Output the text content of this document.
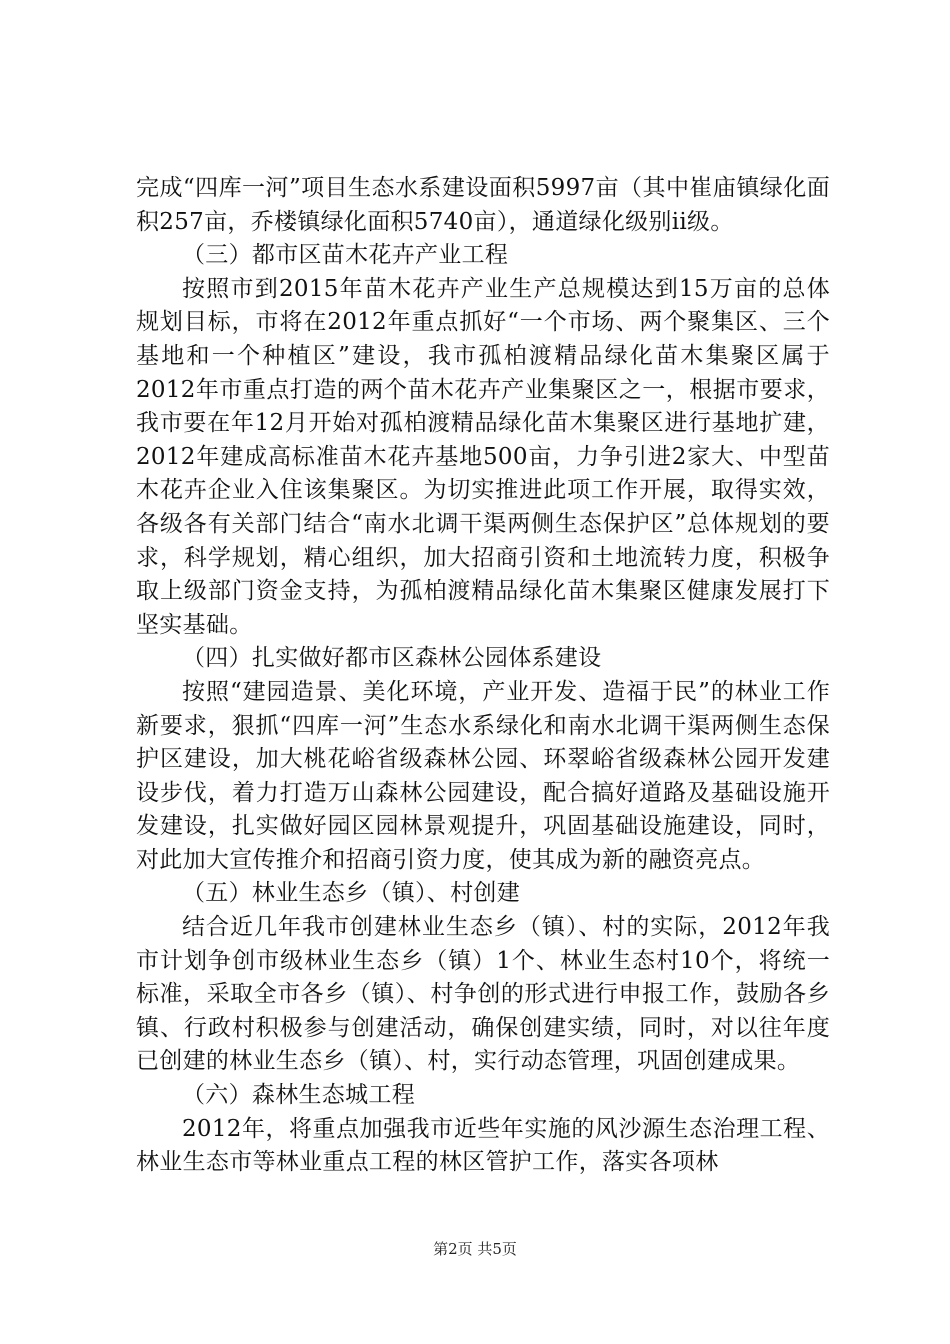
完成“四库一河”项目生态水系建设面积5997亩（其中崔庙镇绿化面积257亩，乔楼镇绿化面积5740亩），通道绿化级别ii级。

（三）都市区苗木花卉产业工程

按照市到2015年苗木花卉产业生产总规模达到15万亩的总体规划目标，市将在2012年重点抓好“一个市场、两个聚集区、三个基地和一个种植区”建设，我市孤柏渡精品绿化苗木集聚区属于2012年市重点打造的两个苗木花卉产业集聚区之一，根据市要求，我市要在年12月开始对孤柏渡精品绿化苗木集聚区进行基地扩建，2012年建成高标准苗木花卉基地500亩，力争引进2家大、中型苗木花卉企业入住该集聚区。为切实推进此项工作开展，取得实效，各级各有关部门结合“南水北调干渠两侧生态保护区”总体规划的要求，科学规划，精心组织，加大招商引资和土地流转力度，积极争取上级部门资金支持，为孤柏渡精品绿化苗木集聚区健康发展打下坚实基础。

（四）扎实做好都市区森林公园体系建设

按照“建园造景、美化环境，产业开发、造福于民”的林业工作新要求，狠抓“四库一河”生态水系绿化和南水北调干渠两侧生态保护区建设，加大桃花峪省级森林公园、环翠峪省级森林公园开发建设步伐，着力打造万山森林公园建设，配合搞好道路及基础设施开发建设，扎实做好园区园林景观提升，巩固基础设施建设，同时，对此加大宣传推介和招商引资力度，使其成为新的融资亮点。

（五）林业生态乡（镇）、村创建

结合近几年我市创建林业生态乡（镇）、村的实际，2012年我市计划争创市级林业生态乡（镇）1个、林业生态村10个，将统一标准，采取全市各乡（镇）、村争创的形式进行申报工作，鼓励各乡镇、行政村积极参与创建活动，确保创建实绩，同时，对以往年度已创建的林业生态乡（镇）、村，实行动态管理，巩固创建成果。

（六）森林生态城工程

2012年，将重点加强我市近些年实施的风沙源生态治理工程、林业生态市等林业重点工程的林区管护工作，落实各项林

第2页 共5页
